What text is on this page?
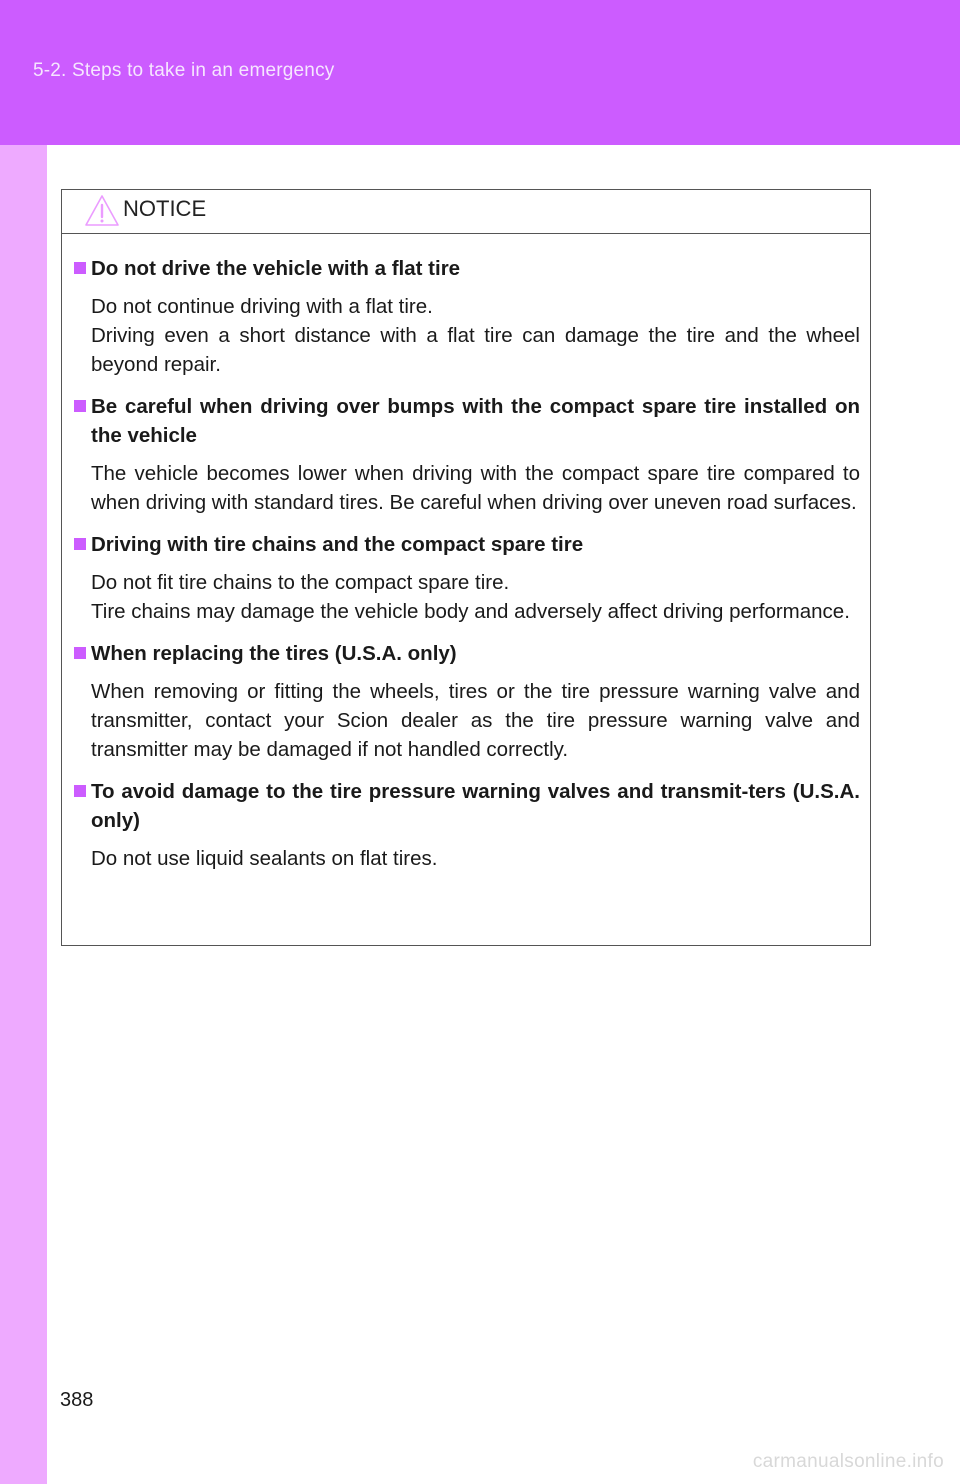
5-2. Steps to take in an emergency
NOTICE
Do not drive the vehicle with a flat tire

Do not continue driving with a flat tire.

Driving even a short distance with a flat tire can damage the tire and the wheel beyond repair.

Be careful when driving over bumps with the compact spare tire installed on the vehicle

The vehicle becomes lower when driving with the compact spare tire compared to when driving with standard tires. Be careful when driving over uneven road surfaces.

Driving with tire chains and the compact spare tire

Do not fit tire chains to the compact spare tire.

Tire chains may damage the vehicle body and adversely affect driving performance.

When replacing the tires (U.S.A. only)

When removing or fitting the wheels, tires or the tire pressure warning valve and transmitter, contact your Scion dealer as the tire pressure warning valve and transmitter may be damaged if not handled correctly.

To avoid damage to the tire pressure warning valves and transmit-ters (U.S.A. only)

Do not use liquid sealants on flat tires.

388
carmanualsonline.info
